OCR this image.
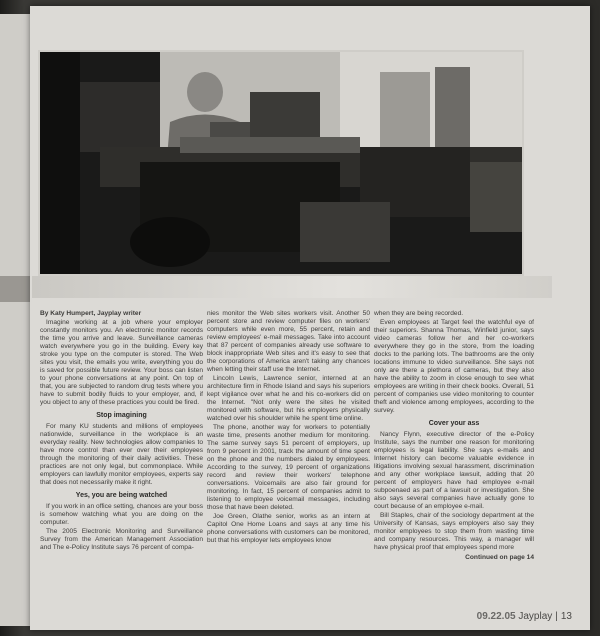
By Katy Humpert, Jayplay writer

Imagine working at a job where your employer constantly monitors you. An electronic monitor records the time you arrive and leave. Surveillance cameras watch everywhere you go in the building. Every key stroke you type on the computer is stored. The Web sites you visit, the emails you write, everything you do is saved for possible future review. Your boss can listen to your phone conversations at any point. On top of that, you are subjected to random drug tests where you have to submit bodily fluids to your employer, and, if you object to any of these practices you could be fired.

Stop imagining

For many KU students and millions of employees nationwide, surveillance in the workplace is an everyday reality. New technologies allow companies to have more control than ever over their employees through the monitoring of their daily activities. These practices are not only legal, but commonplace. While employers can lawfully monitor employees, experts say that does not necessarily make it right.

Yes, you are being watched

If you work in an office setting, chances are your boss is somehow watching what you are doing on the computer.

The 2005 Electronic Monitoring and Surveillance Survey from the American Management Association and The e-Policy Institute says 76 percent of compa-

nies monitor the Web sites workers visit. Another 50 percent store and review computer files on workers' computers while even more, 55 percent, retain and review employees' e-mail messages. Take into account that 87 percent of companies already use software to block inappropriate Web sites and it's easy to see that the corporations of America aren't taking any chances when letting their staff use the Internet.

Lincoln Lewis, Lawrence senior, interned at an architecture firm in Rhode Island and says his superiors kept vigilance over what he and his co-workers did on the Internet. "Not only were the sites he visited monitored with software, but his employers physically watched over his shoulder while he spent time online.

The phone, another way for workers to potentially waste time, presents another medium for monitoring. The same survey says 51 percent of employers, up from 9 percent in 2001, track the amount of time spent on the phone and the numbers dialed by employees. According to the survey, 19 percent of organizations record and review their workers' telephone conversations. Voicemails are also fair ground for monitoring. In fact, 15 percent of companies admit to listening to employee voicemail messages, including those that have been deleted.

Joe Green, Olathe senior, works as an intern at Capitol One Home Loans and says at any time his phone conversations with customers can be monitored, but that his employer lets employees know

when they are being recorded.

Even employees at Target feel the watchful eye of their superiors. Shanna Thomas, Winfield junior, says video cameras follow her and her co-workers everywhere they go in the store, from the loading docks to the parking lots. The bathrooms are the only locations immune to video surveillance. She says not only are there a plethora of cameras, but they also have the ability to zoom in close enough to see what employees are writing in their check books. Overall, 51 percent of companies use video monitoring to counter theft and violence among employees, according to the survey.

Cover your ass

Nancy Flynn, executive director of the e-Policy Institute, says the number one reason for monitoring employees is legal liability. She says e-mails and Internet history can become valuable evidence in litigations involving sexual harassment, discrimination and any other workplace lawsuit, adding that 20 percent of employers have had employee e-mail subpoenaed as part of a lawsuit or investigation. She also says several companies have actually gone to court because of an employee e-mail.

Bill Staples, chair of the sociology department at the University of Kansas, says employers also say they monitor employees to stop them from wasting time and company resources. This way, a manager will have physical proof that employees spend more

Continued on page 14
09.22.05 Jayplay | 13
